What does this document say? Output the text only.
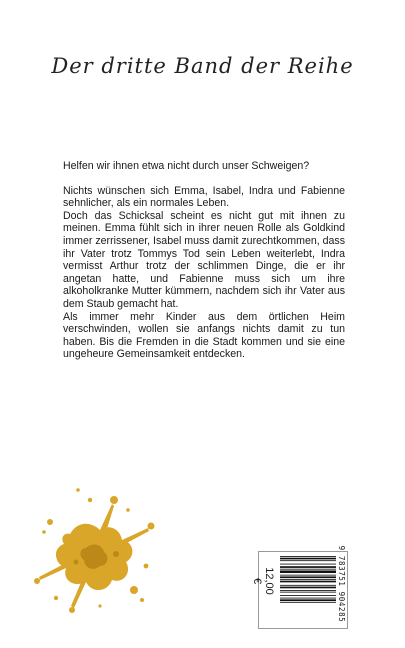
Der dritte Band der Reihe

Helfen wir ihnen etwa nicht durch unser Schweigen?

Nichts wünschen sich Emma, Isabel, Indra und Fabienne sehnlicher, als ein normales Leben.

Doch das Schicksal scheint es nicht gut mit ihnen zu meinen. Emma fühlt sich in ihrer neuen Rolle als Goldkind immer zerrissener, Isabel muss damit zurechtkommen, dass ihr Vater trotz Tommys Tod sein Leben weiterlebt, Indra vermisst Arthur trotz der schlimmen Dinge, die er ihr angetan hatte, und Fabienne muss sich um ihre alkoholkranke Mutter kümmern, nachdem sich ihr Vater aus dem Staub gemacht hat.

Als immer mehr Kinder aus dem örtlichen Heim verschwinden, wollen sie anfangs nichts damit zu tun haben. Bis die Fremden in die Stadt kommen und sie eine ungeheure Gemeinsamkeit entdecken.

12,00 €	9 783751 904285
